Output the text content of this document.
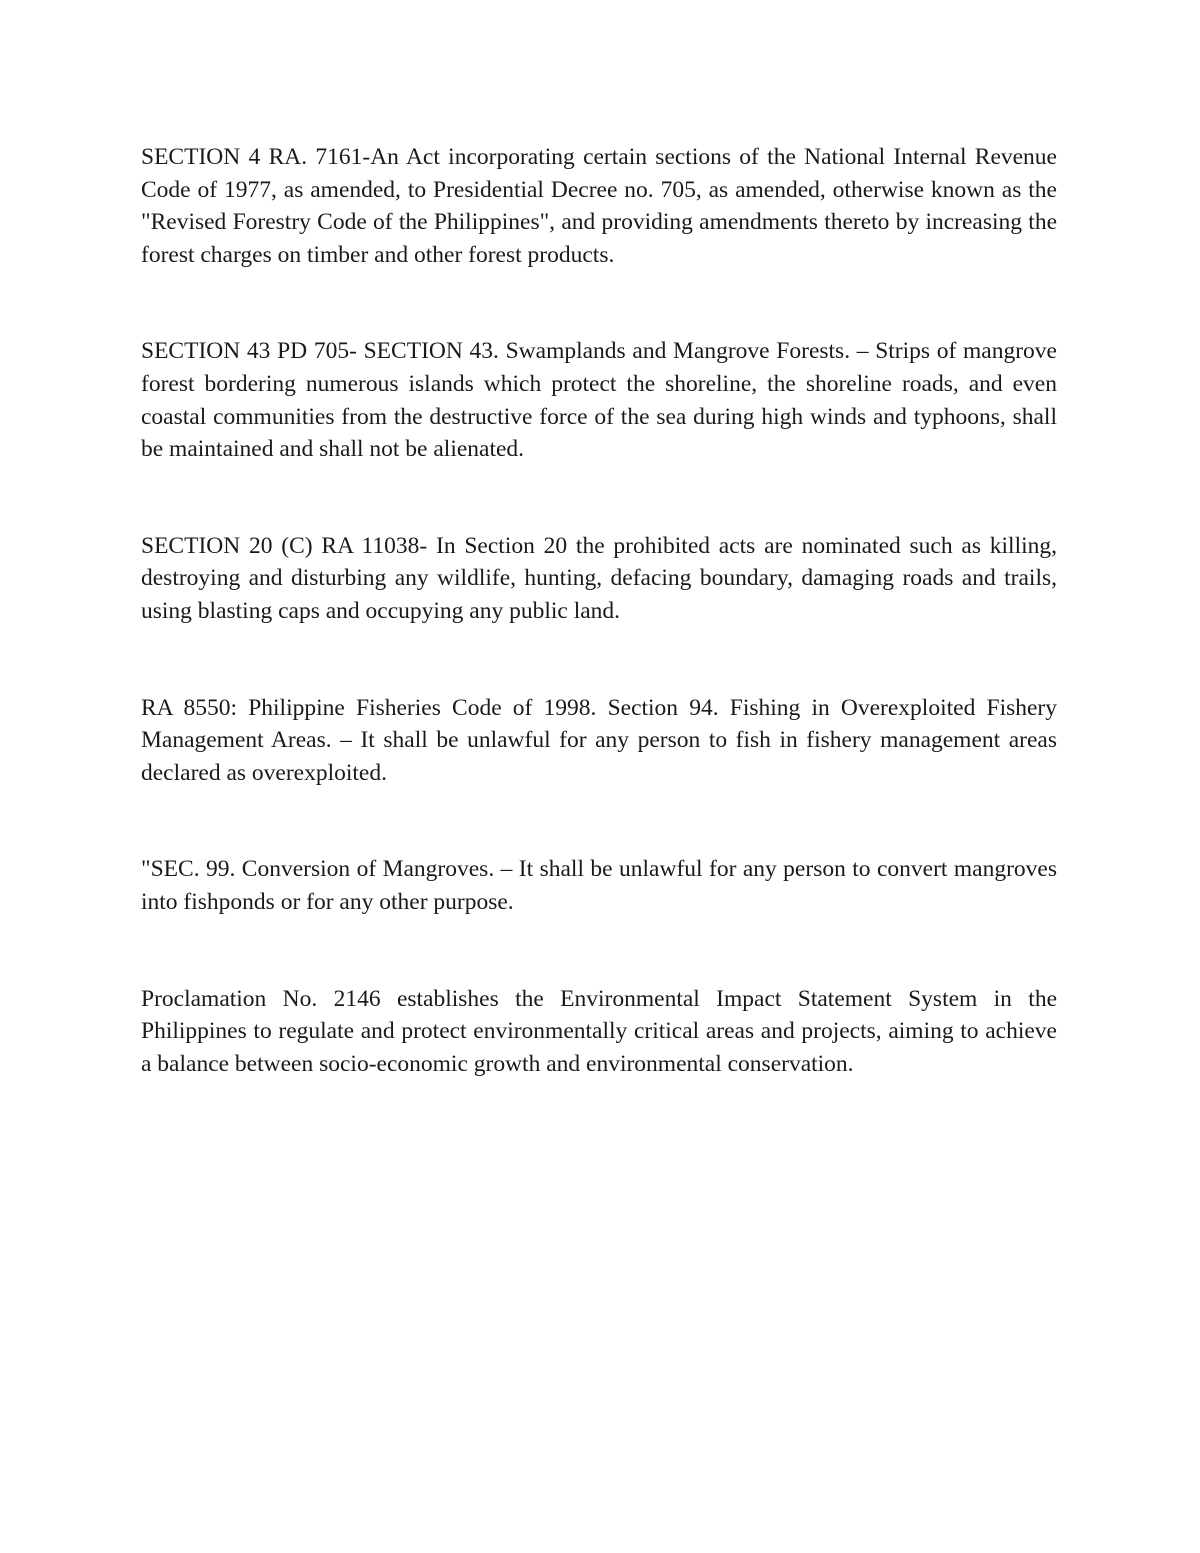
SECTION 4 RA. 7161-An Act incorporating certain sections of the National Internal Revenue Code of 1977, as amended, to Presidential Decree no. 705, as amended, otherwise known as the "Revised Forestry Code of the Philippines", and providing amendments thereto by increasing the forest charges on timber and other forest products.

SECTION 43 PD 705- SECTION 43. Swamplands and Mangrove Forests. – Strips of mangrove forest bordering numerous islands which protect the shoreline, the shoreline roads, and even coastal communities from the destructive force of the sea during high winds and typhoons, shall be maintained and shall not be alienated.

SECTION 20 (C) RA 11038- In Section 20 the prohibited acts are nominated such as killing, destroying and disturbing any wildlife, hunting, defacing boundary, damaging roads and trails, using blasting caps and occupying any public land.

RA 8550: Philippine Fisheries Code of 1998. Section 94. Fishing in Overexploited Fishery Management Areas. – It shall be unlawful for any person to fish in fishery management areas declared as overexploited.

"SEC. 99. Conversion of Mangroves. – It shall be unlawful for any person to convert mangroves into fishponds or for any other purpose.

Proclamation No. 2146 establishes the Environmental Impact Statement System in the Philippines to regulate and protect environmentally critical areas and projects, aiming to achieve a balance between socio-economic growth and environmental conservation.
